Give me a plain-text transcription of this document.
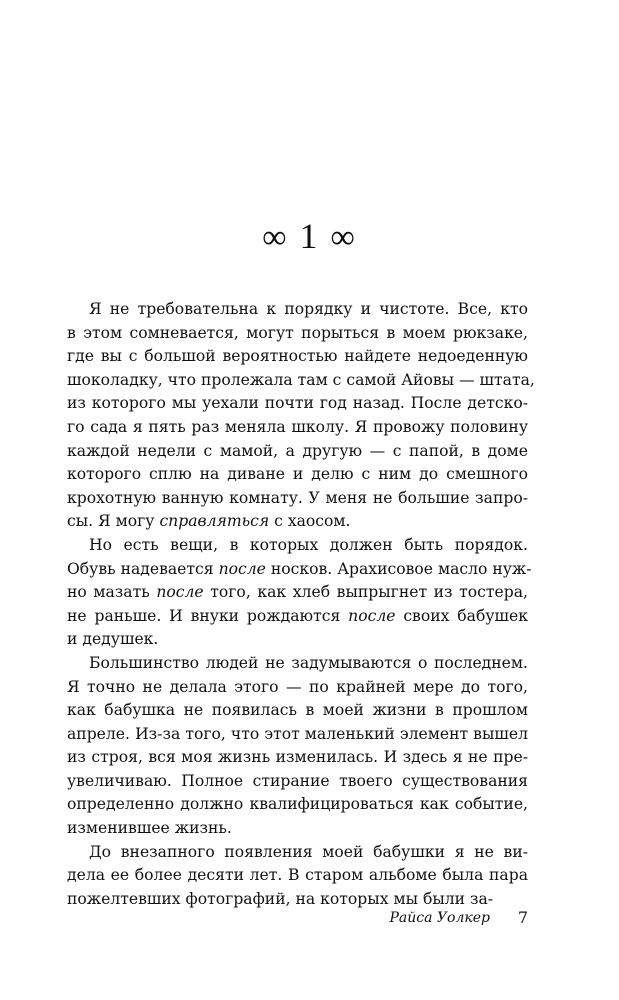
∞ 1 ∞
Я не требовательна к порядку и чистоте. Все, кто
в этом сомневается, могут порыться в моем рюкзаке,
где вы с большой вероятностью найдете недоеденную
шоколадку, что пролежала там с самой Айовы — штата,
из которого мы уехали почти год назад. После детско-
го сада я пять раз меняла школу. Я провожу половину
каждой недели с мамой, а другую — с папой, в доме
которого сплю на диване и делю с ним до смешного
крохотную ванную комнату. У меня не большие запро-
сы. Я могу справляться с хаосом.
Но есть вещи, в которых должен быть порядок.
Обувь надевается после носков. Арахисовое масло нуж-
но мазать после того, как хлеб выпрыгнет из тостера,
не раньше. И внуки рождаются после своих бабушек
и дедушек.
Большинство людей не задумываются о последнем.
Я точно не делала этого — по крайней мере до того,
как бабушка не появилась в моей жизни в прошлом
апреле. Из-за того, что этот маленький элемент вышел
из строя, вся моя жизнь изменилась. И здесь я не пре-
увеличиваю. Полное стирание твоего существования
определенно должно квалифицироваться как событие,
изменившее жизнь.
До внезапного появления моей бабушки я не ви-
дела ее более десяти лет. В старом альбоме была пара
пожелтевших фотографий, на которых мы были за-
Райса Уолкер 7
